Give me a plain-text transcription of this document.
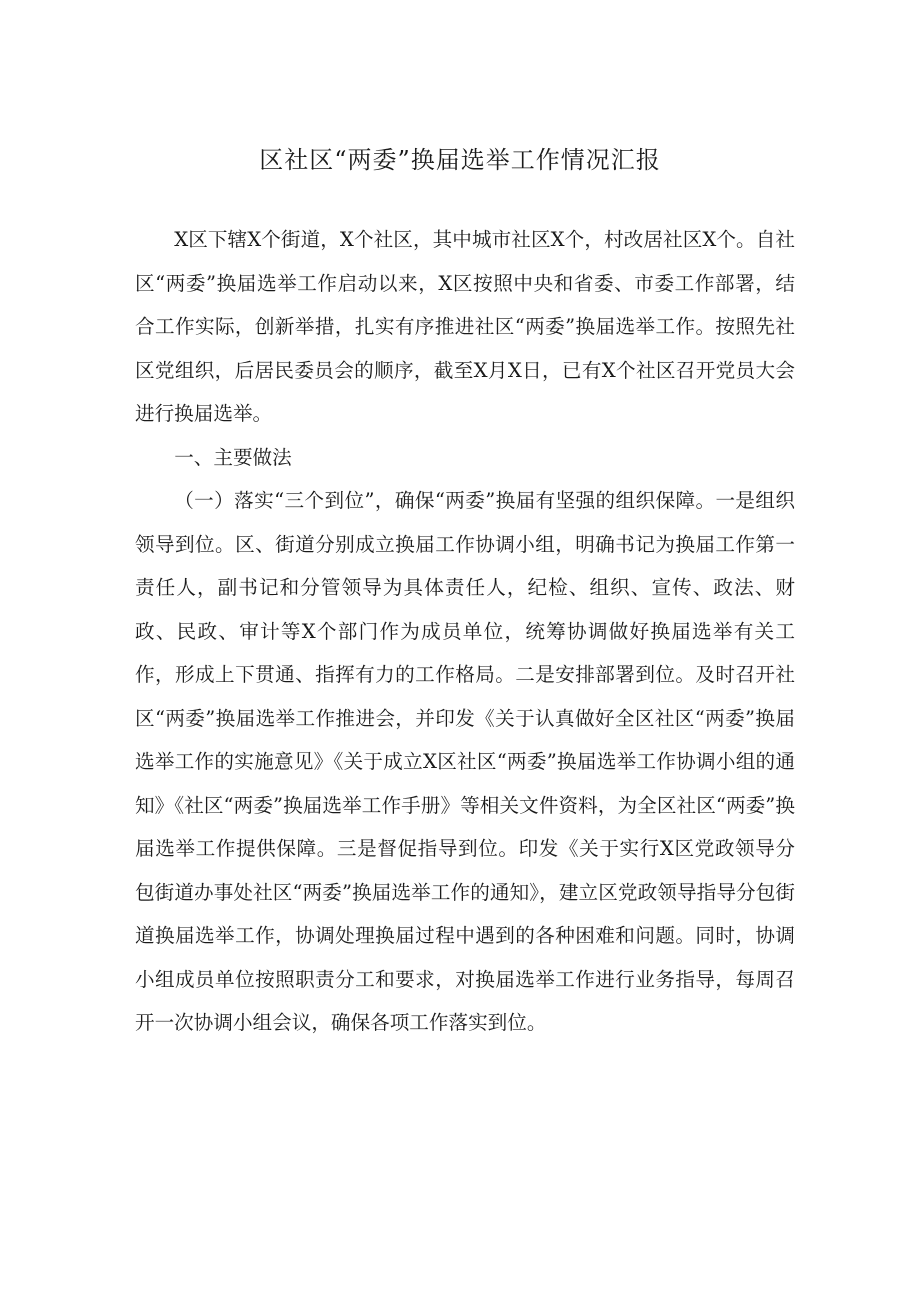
区社区“两委”换届选举工作情况汇报

X区下辖X个街道，X个社区，其中城市社区X个，村改居社区X个。自社区“两委”换届选举工作启动以来，X区按照中央和省委、市委工作部署，结合工作实际，创新举措，扎实有序推进社区“两委”换届选举工作。按照先社区党组织，后居民委员会的顺序，截至X月X日，已有X个社区召开党员大会进行换届选举。

一、主要做法

（一）落实“三个到位”，确保“两委”换届有坚强的组织保障。一是组织领导到位。区、街道分别成立换届工作协调小组，明确书记为换届工作第一责任人，副书记和分管领导为具体责任人，纪检、组织、宣传、政法、财政、民政、审计等X个部门作为成员单位，统筹协调做好换届选举有关工作，形成上下贯通、指挥有力的工作格局。二是安排部署到位。及时召开社区“两委”换届选举工作推进会，并印发《关于认真做好全区社区“两委”换届选举工作的实施意见》《关于成立X区社区“两委”换届选举工作协调小组的通知》《社区“两委”换届选举工作手册》等相关文件资料，为全区社区“两委”换届选举工作提供保障。三是督促指导到位。印发《关于实行X区党政领导分包街道办事处社区“两委”换届选举工作的通知》，建立区党政领导指导分包街道换届选举工作，协调处理换届过程中遇到的各种困难和问题。同时，协调小组成员单位按照职责分工和要求，对换届选举工作进行业务指导，每周召开一次协调小组会议，确保各项工作落实到位。
